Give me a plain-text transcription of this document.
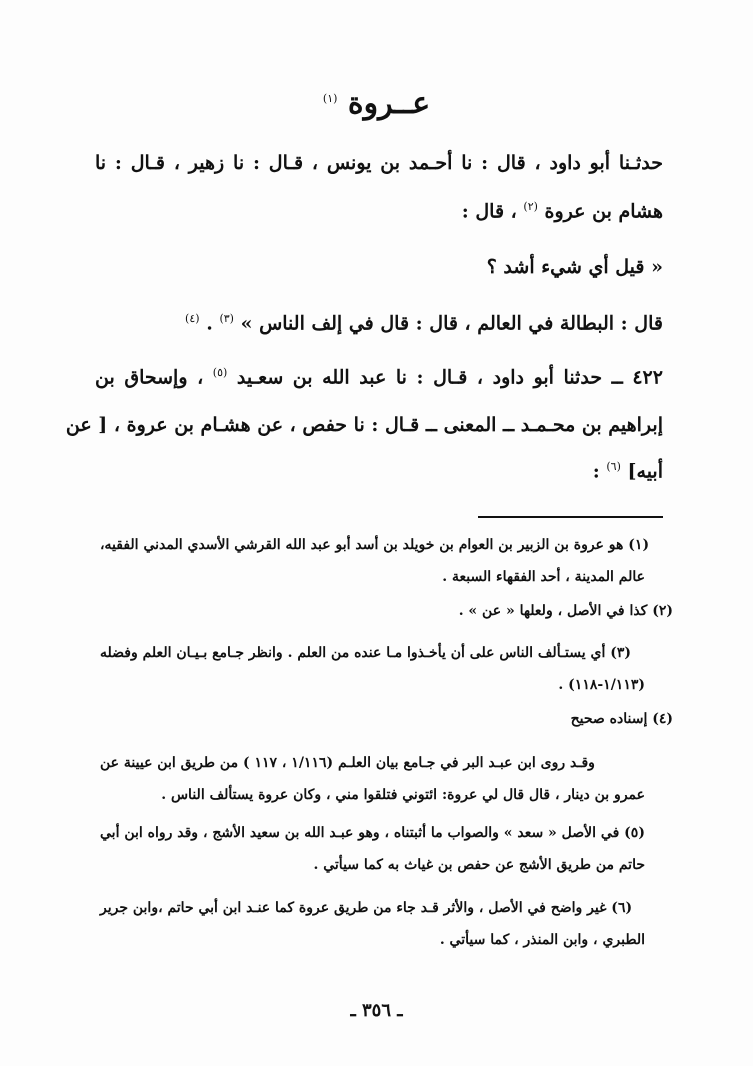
عــروة $^{(١)}$
حدثـنا أبو داود ، قال : نا أحـمد بن يونس ، قـال : نا زهير ، قـال : نا
هشام بن عروة $^{(٢)}$ ، قال :
« قيل أي شيء أشد ؟
قال : البطالة في العالم ، قال : قال في إلف الناس » $^{(٣)}$ . $^{(٤)}$
٤٢٢ ــ حدثنا أبو داود ، قـال : نا عبد الله بن سعـيد $^{(٥)}$ ، وإسحاق بن
إبراهيم بن محـمـد ــ المعنى ــ قـال : نا حفص ، عن هشـام بن عروة ، [ عن
أبيه] $^{(٦)}$ :
(١) هو عروة بن الزبير بن العوام بن خويلد بن أسد أبو عبد الله القرشي الأسدي المدني الفقيه،
عالم المدينة ، أحد الفقهاء السبعة .
(٢) كذا في الأصل ، ولعلها « عن » .
(٣) أي يستـألف الناس على أن يأخـذوا مـا عنده من العلم . وانظر جـامع بـيـان العلم وفضله
(١/١١٣-١١٨) .
(٤) إسناده صحيح
وقـد روى ابن عبـد البر في جـامع بيان العلـم (١/١١٦ ، ١١٧ ) من طريق ابن عيينة عن
عمرو بن دينار ، قال قال لي عروة: ائتوني فتلقوا مني ، وكان عروة يستألف الناس .
(٥) في الأصل « سعد » والصواب ما أثبتناه ، وهو عبـد الله بن سعيد الأشج ، وقد رواه ابن أبي
حاتم من طريق الأشج عن حفص بن غياث به كما سيأتي .
(٦) غير واضح في الأصل ، والأثر قـد جاء من طريق عروة كما عنـد ابن أبي حاتم ،وابن جرير
الطبري ، وابن المنذر ، كما سيأتي .
ـ ٣٥٦ ـ
